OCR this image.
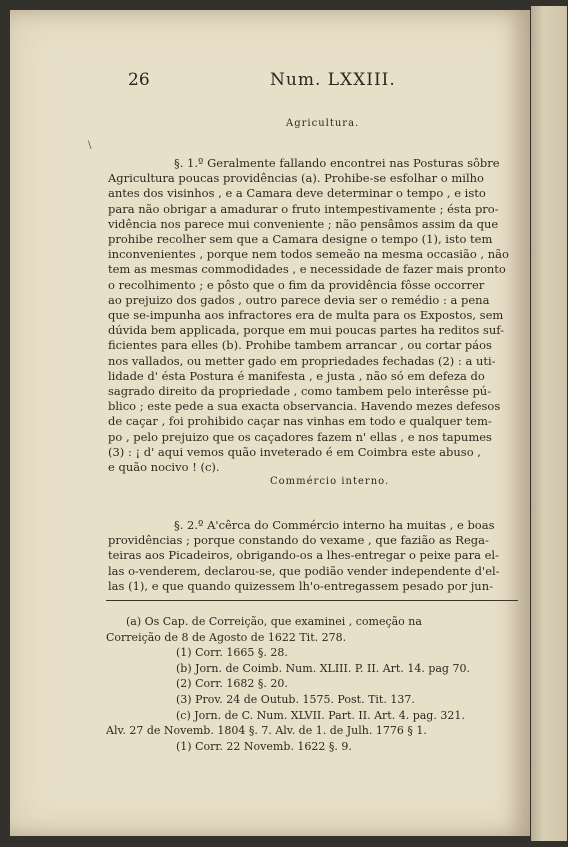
26	Num. LXXIII.
\
Agricultura.
§. 1.º Geralmente fallando encontrei nas Posturas sôbre
Agricultura poucas providências (a). Prohibe-se esfolhar o milho
antes dos visinhos , e a Camara deve determinar o tempo , e isto
para não obrigar a amadurar o fruto intempestivamente ; ésta pro-
vidência nos parece mui conveniente ; não pensâmos assim da que
prohibe recolher sem que a Camara designe o tempo (1), isto tem
inconvenientes , porque nem todos semeão na mesma occasião , não
tem as mesmas commodidades , e necessidade de fazer mais pronto
o recolhimento ; e pôsto que o fim da providência fôsse occorrer
ao prejuizo dos gados , outro parece devia ser o remédio : a pena
que se-impunha aos infractores era de multa para os Expostos, sem
dúvida bem applicada, porque em mui poucas partes ha reditos suf-
ficientes para elles (b). Prohibe tambem arrancar , ou cortar páos
nos vallados, ou metter gado em propriedades fechadas (2) : a uti-
lidade d' ésta Postura é manifesta , e justa , não só em defeza do
sagrado direito da propriedade , como tambem pelo interêsse pú-
blico ; este pede a sua exacta observancia. Havendo mezes defesos
de caçar , foi prohibido caçar nas vinhas em todo e qualquer tem-
po , pelo prejuizo que os caçadores fazem n' ellas , e nos tapumes
(3) : ¡ d' aqui vemos quão inveterado é em Coimbra este abuso ,
e quão nocivo ! (c).
Commércio interno.
§. 2.º A'cêrca do Commércio interno ha muitas , e boas
providências ; porque constando do vexame , que fazião as Rega-
teiras aos Picadeiros, obrigando-os a lhes-entregar o peixe para el-
las o-venderem, declarou-se, que podião vender independente d'el-
las (1), e que quando quizessem lh'o-entregassem pesado por jun-
(a) Os Cap. de Correição, que examinei , começão na
Correição de 8 de Agosto de 1622 Tit. 278.
(1) Corr. 1665 §. 28.
(b) Jorn. de Coimb. Num. XLIII. P. II. Art. 14. pag 70.
(2) Corr. 1682 §. 20.
(3) Prov. 24 de Outub. 1575. Post. Tit. 137.
(c) Jorn. de C. Num. XLVII. Part. II. Art. 4. pag. 321.
Alv. 27 de Novemb. 1804 §. 7. Alv. de 1. de Julh. 1776 § 1.
(1) Corr. 22 Novemb. 1622 §. 9.
